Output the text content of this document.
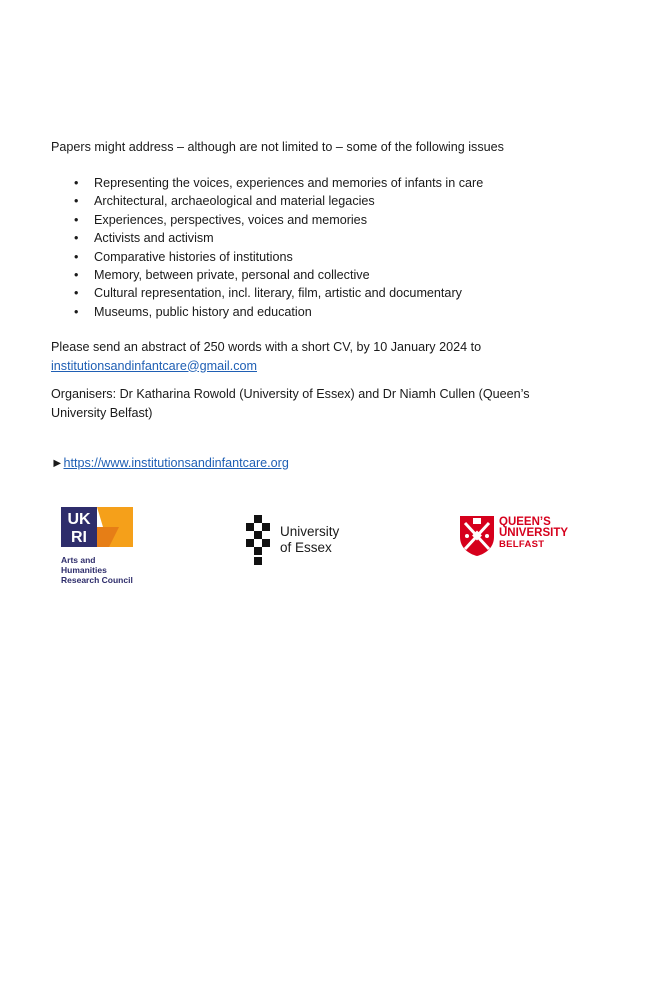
Papers might address – although are not limited to – some of the following issues
• Representing the voices, experiences and memories of infants in care
• Architectural, archaeological and material legacies
• Experiences, perspectives, voices and memories
• Activists and activism
• Comparative histories of institutions
• Memory, between private, personal and collective
• Cultural representation, incl. literary, film, artistic and documentary
• Museums, public history and education
Please send an abstract of 250 words with a short CV, by 10 January 2024 to
institutionsandinfantcare@gmail.com
Organisers: Dr Katharina Rowold (University of Essex) and Dr Niamh Cullen (Queen’s University Belfast)
►https://www.institutionsandinfantcare.org
UK
RI
Arts and
Humanities
Research Council
University
of Essex
QUEEN’S
UNIVERSITY
BELFAST
